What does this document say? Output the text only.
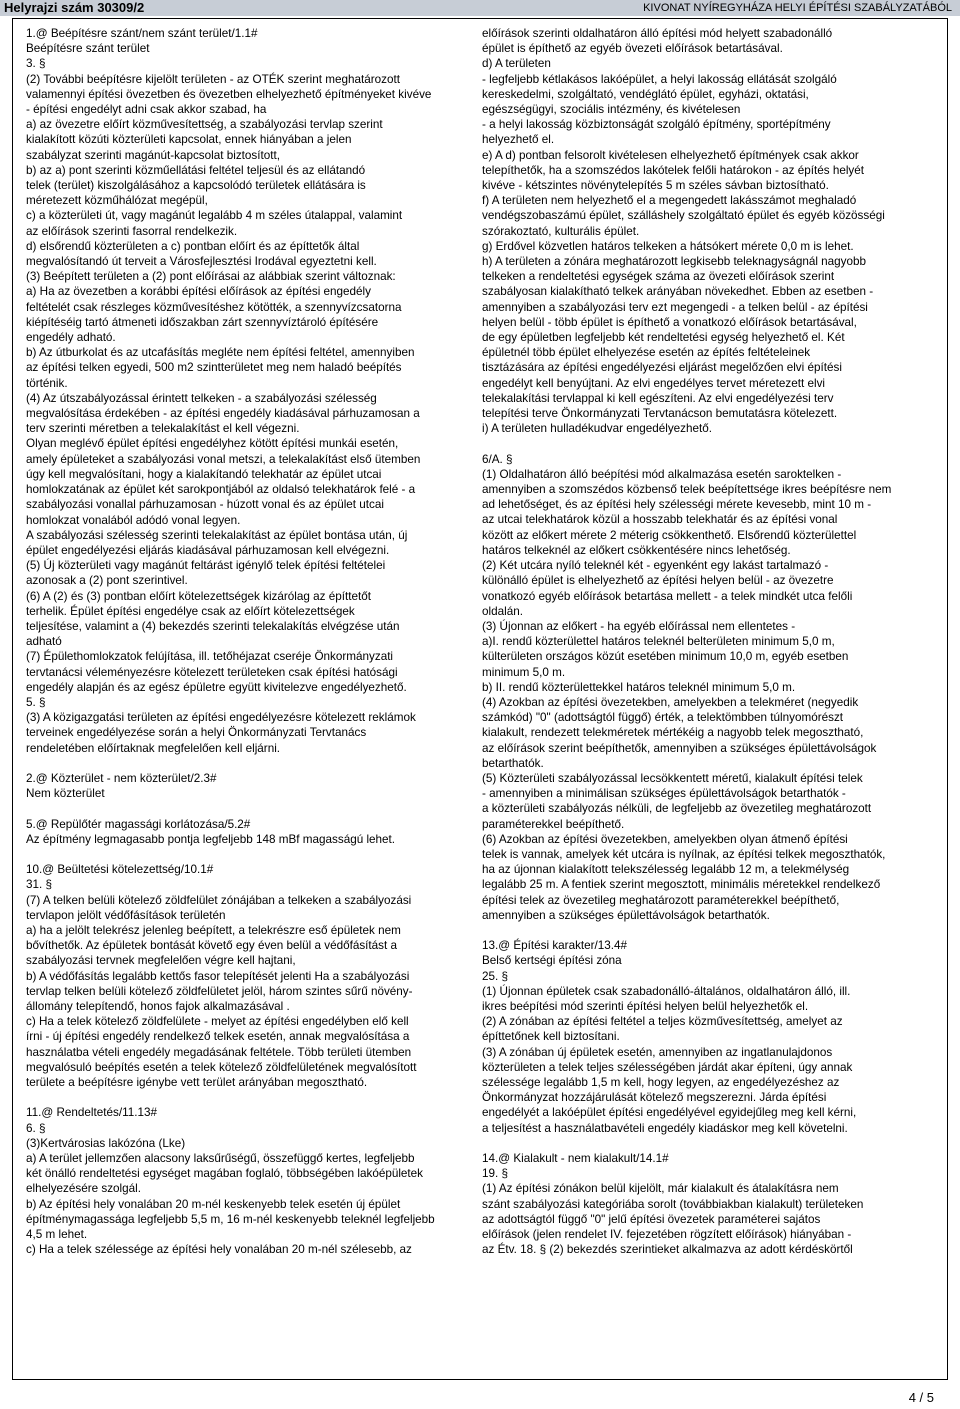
Helyrajzi szám 30309/2	KIVONAT NYÍREGYHÁZA HELYI ÉPÍTÉSI SZABÁLYZATÁBÓL

1.@ Beépítésre szánt/nem szánt terület/1.1#

Beépítésre szánt terület

3. §

(2) További beépítésre kijelölt területen - az OTÉK szerint meghatározott

valamennyi építési övezetben és övezetben elhelyezhető építményeket kivéve

- építési engedélyt adni csak akkor szabad, ha

a) az övezetre előírt közművesítettség, a szabályozási tervlap szerint

kialakított közúti közterületi kapcsolat, ennek hiányában a jelen

szabályzat szerinti magánút-kapcsolat biztosított,

b) az a) pont szerinti közműellátási feltétel teljesül és az ellátandó

telek (terület) kiszolgálásához a kapcsolódó területek ellátására is

méretezett közműhálózat megépül,

c) a közterületi út, vagy magánút legalább 4 m széles útalappal, valamint

az előírások szerinti fasorral rendelkezik.

d) elsőrendű közterületen a c) pontban előírt és az építtetők által

megvalósítandó út terveit a Városfejlesztési Irodával egyeztetni kell.

(3) Beépített területen a (2) pont előírásai az alábbiak szerint változnak:

a) Ha az övezetben a korábbi építési előírások az építési engedély

feltételét csak részleges közművesítéshez kötötték, a szennyvízcsatorna

kiépítéséig tartó átmeneti időszakban zárt szennyvíztároló építésére

engedély adható.

b) Az útburkolat és az utcafásítás megléte nem építési feltétel, amennyiben

az építési telken egyedi, 500 m2 szintterületet meg nem haladó beépítés

történik.

(4) Az útszabályozással érintett telkeken - a szabályozási szélesség

megvalósítása érdekében - az építési engedély kiadásával párhuzamosan a

terv szerinti méretben a telekalakítást el kell végezni.

Olyan meglévő épület építési engedélyhez kötött építési munkái esetén,

amely épületeket a szabályozási vonal metszi, a telekalakítást első ütemben

úgy kell megvalósítani, hogy a kialakítandó telekhatár az épület utcai

homlokzatának az épület két sarokpontjából az oldalsó telekhatárok felé - a

szabályozási vonallal párhuzamosan - húzott vonal és az épület utcai

homlokzat vonalából adódó vonal legyen.

A szabályozási szélesség szerinti telekalakítást az épület bontása után, új

épület engedélyezési eljárás kiadásával párhuzamosan kell elvégezni.

(5) Új közterületi vagy magánút feltárást igénylő telek építési feltételei

azonosak a (2) pont szerintivel.

(6) A (2) és (3) pontban előírt kötelezettségek kizárólag az építtetőt

terhelik. Épület építési engedélye csak az előírt kötelezettségek

teljesítése, valamint a (4) bekezdés szerinti telekalakítás elvégzése után

adható

(7) Épülethomlokzatok felújítása, ill. tetőhéjazat cseréje Önkormányzati

tervtanácsi véleményezésre kötelezett területeken csak építési hatósági

engedély alapján és az egész épületre együtt kivitelezve engedélyezhető.

5. §

(3) A közigazgatási területen az építési engedélyezésre kötelezett reklámok

terveinek engedélyezése során a helyi Önkormányzati Tervtanács

rendeletében előírtaknak megfelelően kell eljárni.

2.@ Közterület - nem közterület/2.3#

Nem közterület

5.@ Repülőtér magassági korlátozása/5.2#

Az építmény legmagasabb pontja legfeljebb 148 mBf magasságú lehet.

10.@ Beültetési kötelezettség/10.1#

31. §

(7) A telken belüli kötelező zöldfelület zónájában a telkeken a szabályozási

tervlapon jelölt védőfásítások területén

a) ha a jelölt telekrész jelenleg beépített, a telekrészre eső épületek nem

bővíthetők. Az épületek bontását követő egy éven belül a védőfásítást a

szabályozási tervnek megfelelően végre kell hajtani,

b) A védőfásítás legalább kettős fasor telepítését jelenti Ha a szabályozási

tervlap telken belüli kötelező zöldfelületet jelöl, három szintes sűrű növény-

állomány telepítendő, honos fajok alkalmazásával .

c) Ha a telek kötelező zöldfelülete - melyet az építési engedélyben elő kell

írni - új építési engedély rendelkező telkek esetén, annak megvalósítása a

használatba vételi engedély megadásának feltétele. Több területi ütemben

megvalósuló beépítés esetén a telek kötelező zöldfelületének megvalósított

területe a beépítésre igénybe vett terület arányában megosztható.

11.@ Rendeltetés/11.13#

6. §

(3)Kertvárosias lakózóna (Lke)

a) A terület jellemzően alacsony laksűrűségű, összefüggő kertes, legfeljebb

két önálló rendeltetési egységet magában foglaló, többségében lakóépületek

elhelyezésére szolgál.

b) Az építési hely vonalában 20 m-nél keskenyebb telek esetén új épület

építménymagassága legfeljebb 5,5 m, 16 m-nél keskenyebb teleknél legfeljebb

4,5 m lehet.

c) Ha a telek szélessége az építési hely vonalában 20 m-nél szélesebb, az

előírások szerinti oldalhatáron álló építési mód helyett szabadonálló

épület is építhető az egyéb övezeti előírások betartásával.

d) A területen

- legfeljebb kétlakásos lakóépület, a helyi lakosság ellátását szolgáló

kereskedelmi, szolgáltató, vendéglátó épület, egyházi, oktatási,

egészségügyi, szociális intézmény, és kivételesen

- a helyi lakosság közbiztonságát szolgáló építmény, sportépítmény

helyezhető el.

e) A d) pontban felsorolt kivételesen elhelyezhető építmények csak akkor

telepíthetők, ha a szomszédos lakótelek felőli határokon - az építés helyét

kivéve - kétszintes növénytelepítés 5 m széles sávban biztosítható.

f) A területen nem helyezhető el a megengedett lakásszámot meghaladó

vendégszobaszámú épület, szálláshely szolgáltató épület és egyéb közösségi

szórakoztató, kulturális épület.

g) Erdővel közvetlen határos telkeken a hátsókert mérete 0,0 m is lehet.

h) A területen a zónára meghatározott legkisebb teleknagyságnál nagyobb

telkeken a rendeltetési egységek száma az övezeti előírások szerint

szabályosan kialakítható telkek arányában növekedhet. Ebben az esetben -

amennyiben a szabályozási terv ezt megengedi - a telken belül - az építési

helyen belül - több épület is építhető a vonatkozó előírások betartásával,

de egy épületben legfeljebb két rendeltetési egység helyezhető el. Két

épületnél több épület elhelyezése esetén az építés feltételeinek

tisztázására az építési engedélyezési eljárást megelőzően elvi építési

engedélyt kell benyújtani. Az elvi engedélyes tervet méretezett elvi

telekalakítási tervlappal ki kell egészíteni. Az elvi engedélyezési terv

telepítési terve Önkormányzati Tervtanácson bemutatásra kötelezett.

i) A területen hulladékudvar engedélyezhető.

6/A. §

(1) Oldalhatáron álló beépítési mód alkalmazása esetén saroktelken -

amennyiben a szomszédos közbenső telek beépítettsége ikres beépítésre nem

ad lehetőséget, és az építési hely szélességi mérete kevesebb, mint 10 m -

az utcai telekhatárok közül a hosszabb telekhatár és az építési vonal

között az előkert mérete 2 méterig csökkenthető. Elsőrendű közterülettel

határos telkeknél az előkert csökkentésére nincs lehetőség.

(2) Két utcára nyíló teleknél két - egyenként egy lakást tartalmazó -

különálló épület is elhelyezhető az építési helyen belül - az övezetre

vonatkozó egyéb előírások betartása mellett - a telek mindkét utca felőli

oldalán.

(3) Újonnan az előkert - ha egyéb előírással nem ellentetes -

a)I. rendű közterülettel határos teleknél belterületen minimum 5,0 m,

külterületen országos közút esetében minimum 10,0 m, egyéb esetben

minimum 5,0 m.

b) II. rendű közterülettekkel határos teleknél minimum 5,0 m.

(4) Azokban az építési övezetekben, amelyekben a telekméret (negyedik

számkód) "0" (adottságtól függő) érték, a telektömbben túlnyomórészt

kialakult, rendezett telekméretek mértékéig a nagyobb telek megosztható,

az előírások szerint beépíthetők, amennyiben a szükséges épülettávolságok

betarthatók.

(5) Közterületi szabályozással lecsökkentett méretű, kialakult építési telek

- amennyiben a minimálisan szükséges épülettávolságok betarthatók -

a közterületi szabályozás nélküli, de legfeljebb az övezetileg meghatározott

paraméterekkel beépíthető.

(6) Azokban az építési övezetekben, amelyekben olyan átmenő építési

telek is vannak, amelyek két utcára is nyílnak, az építési telkek megoszthatók,

ha az újonnan kialakított telekszélesség legalább 12 m, a telekmélység

legalább 25 m. A fentiek szerint megosztott, minimális méretekkel rendelkező

építési telek az övezetileg meghatározott paraméterekkel beépíthető,

amennyiben a szükséges épülettávolságok betarthatók.

13.@ Építési karakter/13.4#

Belső kertségi építési zóna

25. §

(1) Újonnan épületek csak szabadonálló-általános, oldalhatáron álló, ill.

ikres beépítési mód szerinti építési helyen belül helyezhetők el.

(2) A zónában az építési feltétel a teljes közművesítettség, amelyet az

építtetőnek kell biztosítani.

(3) A zónában új épületek esetén, amennyiben az ingatlanulajdonos

közterületen a telek teljes szélességében járdát akar építeni, úgy annak

szélessége legalább 1,5 m kell, hogy legyen, az engedélyezéshez az

Önkormányzat hozzájárulását kötelező megszerezni. Járda építési

engedélyét a lakóépület építési engedélyével egyidejűleg meg kell kérni,

a teljesítést a használatbavételi engedély kiadáskor meg kell követelni.

14.@ Kialakult - nem kialakult/14.1#

19. §

(1) Az építési zónákon belül kijelölt, már kialakult és átalakításra nem

szánt szabályozási kategóriába sorolt (továbbiakban kialakult) területeken

az adottságtól függő "0" jelű építési övezetek paraméterei sajátos

előírások (jelen rendelet IV. fejezetében rögzített előírások) hiányában -

az Étv. 18. § (2) bekezdés szerintieket alkalmazva az adott kérdéskörtől

4 / 5
